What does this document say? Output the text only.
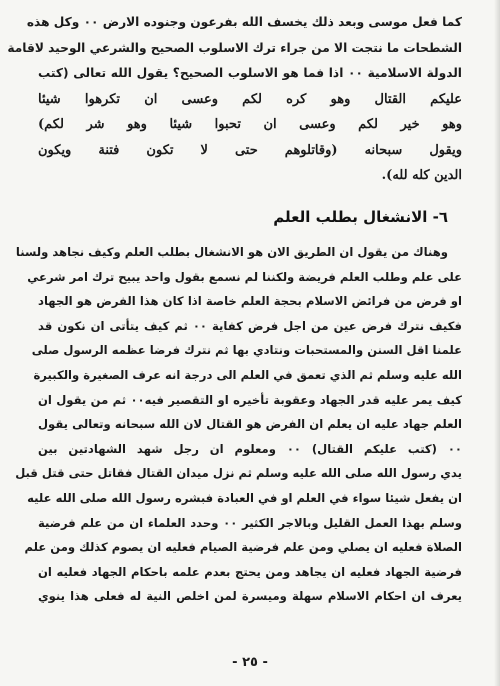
كما فعل موسى وبعد ذلك يخسف الله بفرعون وجنوده الارض ٠٠ وكل هذه
الشطحات ما نتجت الا من جراء ترك الاسلوب الصحيح والشرعي الوحيد لاقامة
الدولة الاسلامية ٠٠ اذا فما هو الاسلوب الصحيح؟ يقول الله تعالى (كتب
عليكم القتال وهو كره لكم وعسى ان تكرهوا شيئا
وهو خير لكم وعسى ان تحبوا شيئا وهو شر لكم)
ويقول سبحانه (وقاتلوهم حتى لا تكون فتنة ويكون
الدين كله لله).
٦- الانشغال بطلب العلم
وهناك من يقول ان الطريق الان هو الانشغال بطلب العلم وكيف نجاهد ولسنا
على علم وطلب العلم فريضة ولكننا لم نسمع بقول واحد يبيح ترك امر شرعي
او فرض من فرائض الاسلام بحجة العلم خاصة اذا كان هذا الفرض هو الجهاد
فكيف نترك فرض عين من اجل فرض كفاية ٠٠ ثم كيف يتأتى ان نكون قد
علمنا اقل السنن والمستحبات ونتادي بها ثم نترك فرضا عظمه الرسول صلى
الله عليه وسلم ثم الذي تعمق في العلم الى درجة انه عرف الصغيرة والكبيرة
كيف يمر عليه قدر الجهاد وعقوبة تأخيره او التقصير فيه٠٠ ثم من يقول ان
العلم جهاد عليه ان يعلم ان الفرض هو القتال لان الله سبحانه وتعالى يقول
٠٠ (كتب عليكم القتال) ٠٠ ومعلوم ان رجل شهد الشهادتين بين
يدي رسول الله صلى الله عليه وسلم ثم نزل ميدان القتال فقاتل حتى قتل قبل
ان يفعل شيئا سواء في العلم او في العبادة فبشره رسول الله صلى الله عليه
وسلم بهذا العمل القليل وبالاجر الكثير ٠٠ وحدد العلماء ان من علم فرضية
الصلاة فعليه ان يصلي ومن علم فرضية الصيام فعليه ان يصوم كذلك ومن علم
فرضية الجهاد فعليه ان يجاهد ومن يحتج بعدم علمه باحكام الجهاد فعليه ان
يعرف ان احكام الاسلام سهلة وميسرة لمن اخلص النية له فعلى هذا ينوي
- ٢٥ -
